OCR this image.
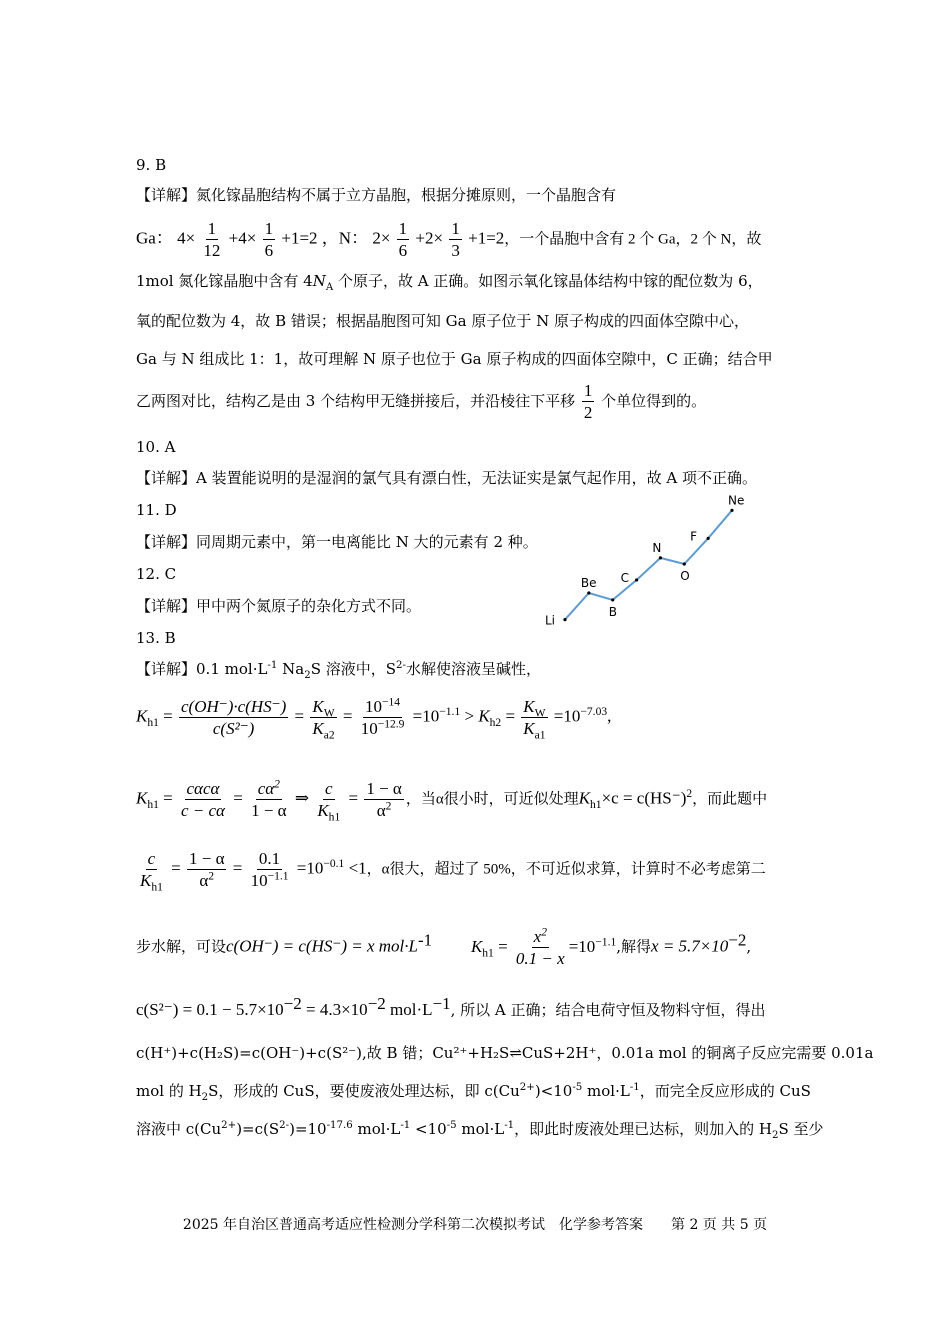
9. B
【详解】氮化镓晶胞结构不属于立方晶胞，根据分摊原则，一个晶胞含有
Ga： $4\times \frac{1}{12} +4\times \frac{1}{6} +1=2$ ，N： $2\times \frac{1}{6} +2\times \frac{1}{3} +1=2$，一个晶胞中含有 2 个 Ga，2 个 N，故
1mol 氮化镓晶胞中含有 $4N_A$ 个原子，故 A 正确。如图示氧化镓晶体结构中镓的配位数为 6，
氧的配位数为 4，故 B 错误；根据晶胞图可知 Ga 原子位于 N 原子构成的四面体空隙中心，
Ga 与 N 组成比 1：1，故可理解 N 原子也位于 Ga 原子构成的四面体空隙中，C 正确；结合甲
乙两图对比，结构乙是由 3 个结构甲无缝拼接后，并沿棱往下平移 $\frac{1}{2}$ 个单位得到的。
10. A
【详解】A 装置能说明的是湿润的氯气具有漂白性，无法证实是氯气起作用，故 A 项不正确。
11. D
【详解】同周期元素中，第一电离能比 N 大的元素有 2 种。
12. C
【详解】甲中两个氮原子的杂化方式不同。
Li
Be
B
C
N
O
F
Ne
13. B
【详解】0.1 $mol\cdot L^{-1}$ $Na_2S$ 溶液中，$S^{2-}$水解使溶液呈碱性，
$K_{h1} = \frac{c(OH^-)\cdot c(HS^-)}{\text{c(S²⁻)}} = \frac{K_W}{K_{a2}} = \frac{10^{-14}}{10^{-12.9}} =10^{-1.1} > K_{h2} = \frac{K_W}{K_{a1}} =10^{-7.03}$,
$K_{h1} = \frac{\text{cαcα}}{c - c\alpha} = \frac{c\alpha^2}{1 - \alpha}$ ⇒ $\frac{c}{K_{h1}} = \frac{1 - \alpha}{\alpha^2}$ ，当α很小时，可近似处理$K_{h1}\times c = c(HS^-)^2$，而此题中
$\frac{c}{K_{h1}} = \frac{1 - \alpha}{\alpha^2} = \frac{0.1}{10^{-1.1}} =10^{-0.1} <1$，α很大，超过了 50%，不可近似求算，计算时不必考虑第二
步水解，可设c(OH⁻) = c(HS⁻) = x $mol\cdot L^{-1}$ $K_{h1} = \frac{x^2}{0.1 - x} =10^{-1.1}$,解得$x = 5.7\times 10^{-2}$,
$c(S^{2-}) = 0.1 - 5.7\times 10^{-2} = 4.3\times 10^{-2}$ $mol\cdot L^{-1}$, 所以 A 正确；结合电荷守恒及物料守恒，得出
c(H⁺)+c(H₂S)=c(OH⁻)+c(S²⁻),故 B 错；Cu²⁺+H₂S⇌CuS+2H⁺，0.01a mol 的铜离子反应完需要 0.01a
mol 的 $H_2S$，形成的 CuS，要使废液处理达标，即 $c(Cu^{2+})<10^{-5}$ $mol\cdot L^{-1}$，而完全反应形成的 CuS
溶液中 $c(Cu^{2+})=c(S^{2-})=10^{-17.6}$ $mol\cdot L^{-1} <10^{-5}$ $mol\cdot L^{-1}$，即此时废液处理已达标，则加入的 $H_2S$ 至少
2025 年自治区普通高考适应性检测分学科第二次模拟考试　化学参考答案　　第 2 页 共 5 页
